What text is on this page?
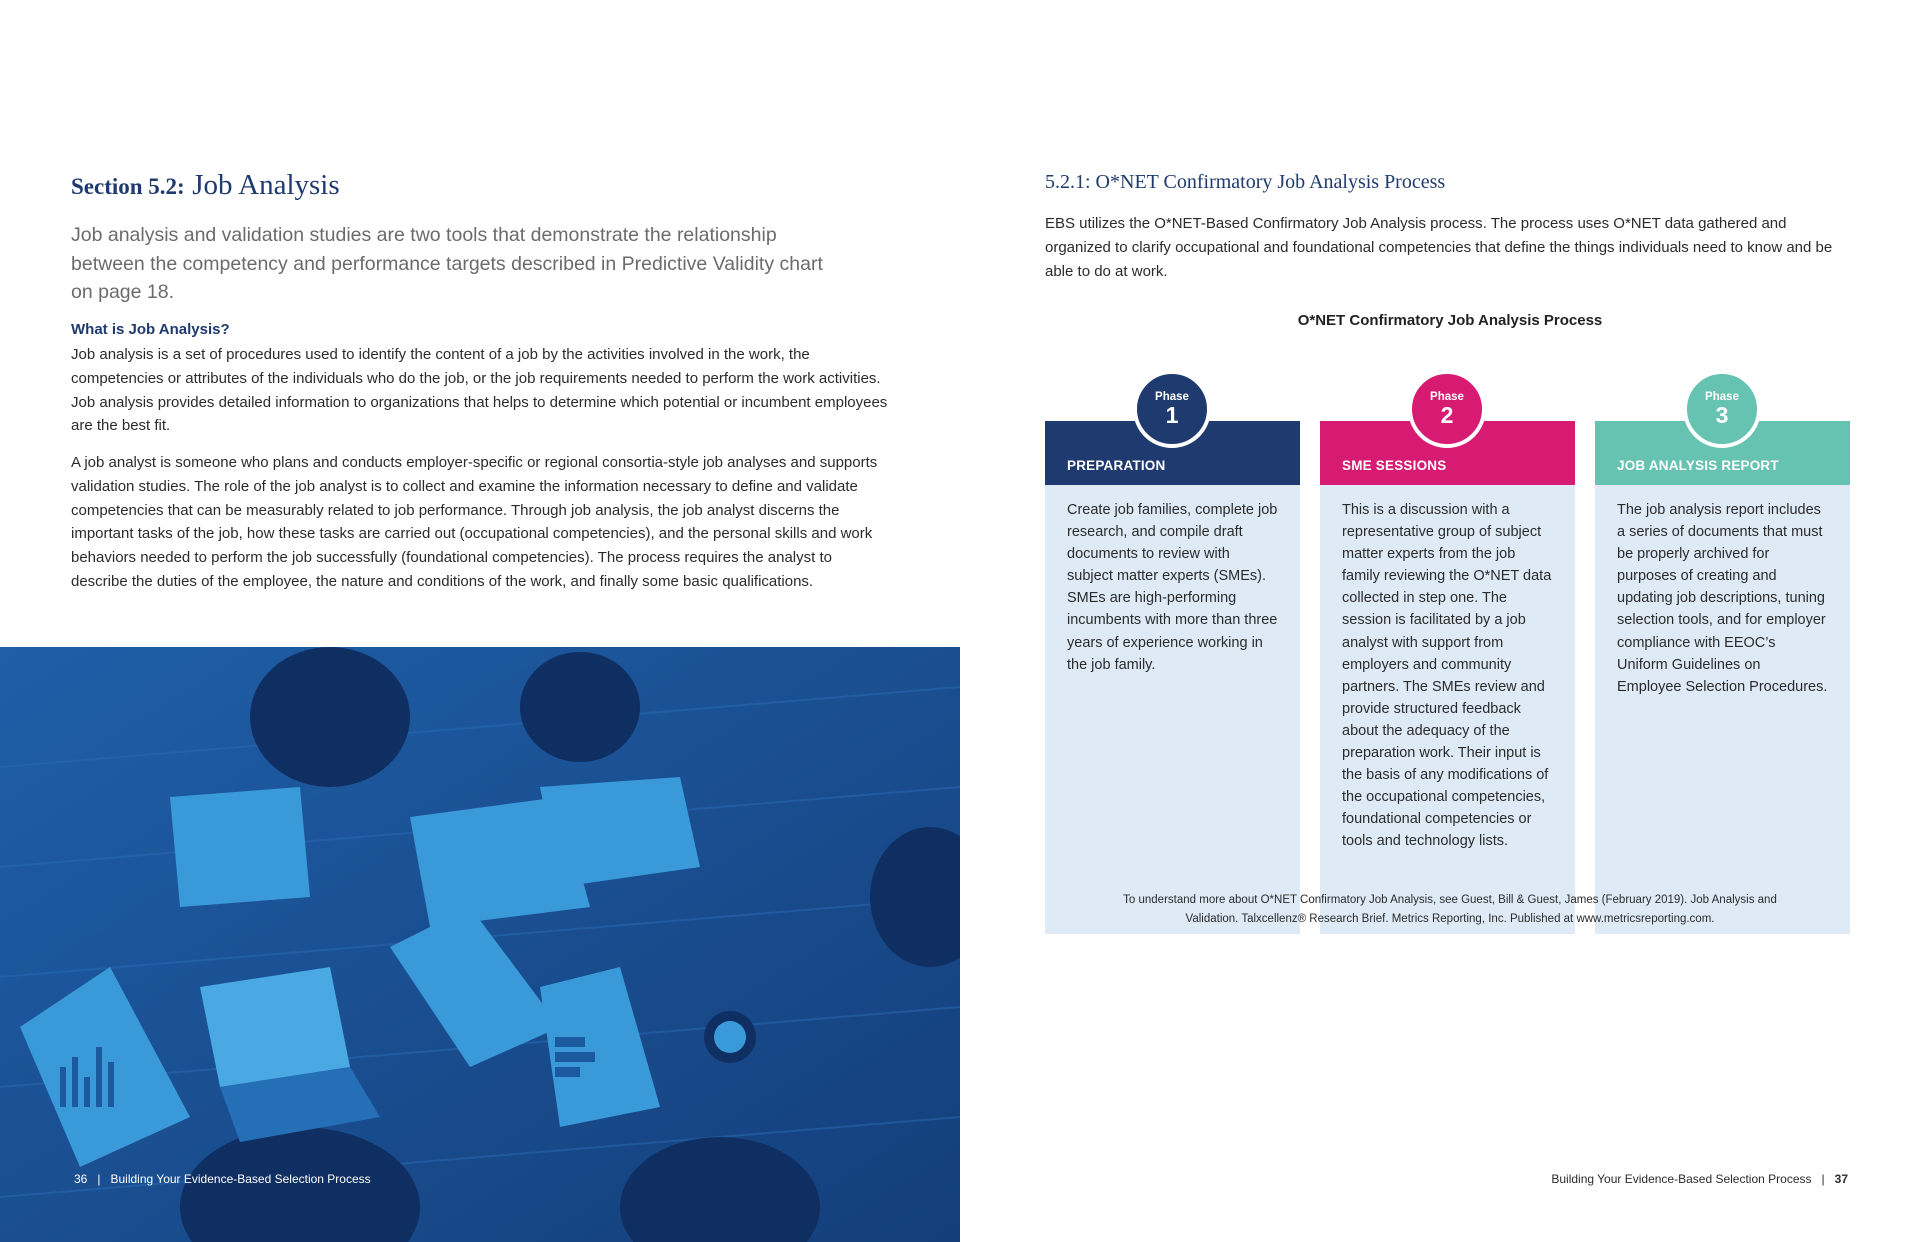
Section 5.2: Job Analysis
Job analysis and validation studies are two tools that demonstrate the relationship between the competency and performance targets described in Predictive Validity chart on page 18.
What is Job Analysis?
Job analysis is a set of procedures used to identify the content of a job by the activities involved in the work, the competencies or attributes of the individuals who do the job, or the job requirements needed to perform the work activities. Job analysis provides detailed information to organizations that helps to determine which potential or incumbent employees are the best fit.
A job analyst is someone who plans and conducts employer-specific or regional consortia-style job analyses and supports validation studies. The role of the job analyst is to collect and examine the information necessary to define and validate competencies that can be measurably related to job performance. Through job analysis, the job analyst discerns the important tasks of the job, how these tasks are carried out (occupational competencies), and the personal skills and work behaviors needed to perform the job successfully (foundational competencies). The process requires the analyst to describe the duties of the employee, the nature and conditions of the work, and finally some basic qualifications.
36 | Building Your Evidence-Based Selection Process
5.2.1: O*NET Confirmatory Job Analysis Process
EBS utilizes the O*NET-Based Confirmatory Job Analysis process. The process uses O*NET data gathered and organized to clarify occupational and foundational competencies that define the things individuals need to know and be able to do at work.
O*NET Confirmatory Job Analysis Process
PREPARATION
Create job families, complete job research, and compile draft documents to review with subject matter experts (SMEs). SMEs are high-performing incumbents with more than three years of experience working in the job family.
Phase
1
SME SESSIONS
This is a discussion with a representative group of subject matter experts from the job family reviewing the O*NET data collected in step one. The session is facilitated by a job analyst with support from employers and community partners. The SMEs review and provide structured feedback about the adequacy of the preparation work. Their input is the basis of any modifications of the occupational competencies, foundational competencies or tools and technology lists.
Phase
2
JOB ANALYSIS REPORT
The job analysis report includes a series of documents that must be properly archived for purposes of creating and updating job descriptions, tuning selection tools, and for employer compliance with EEOC’s Uniform Guidelines on Employee Selection Procedures.
Phase
3
To understand more about O*NET Confirmatory Job Analysis, see Guest, Bill & Guest, James (February 2019). Job Analysis and Validation. Talxcellenz® Research Brief. Metrics Reporting, Inc. Published at www.metricsreporting.com.
Building Your Evidence-Based Selection Process | 37
